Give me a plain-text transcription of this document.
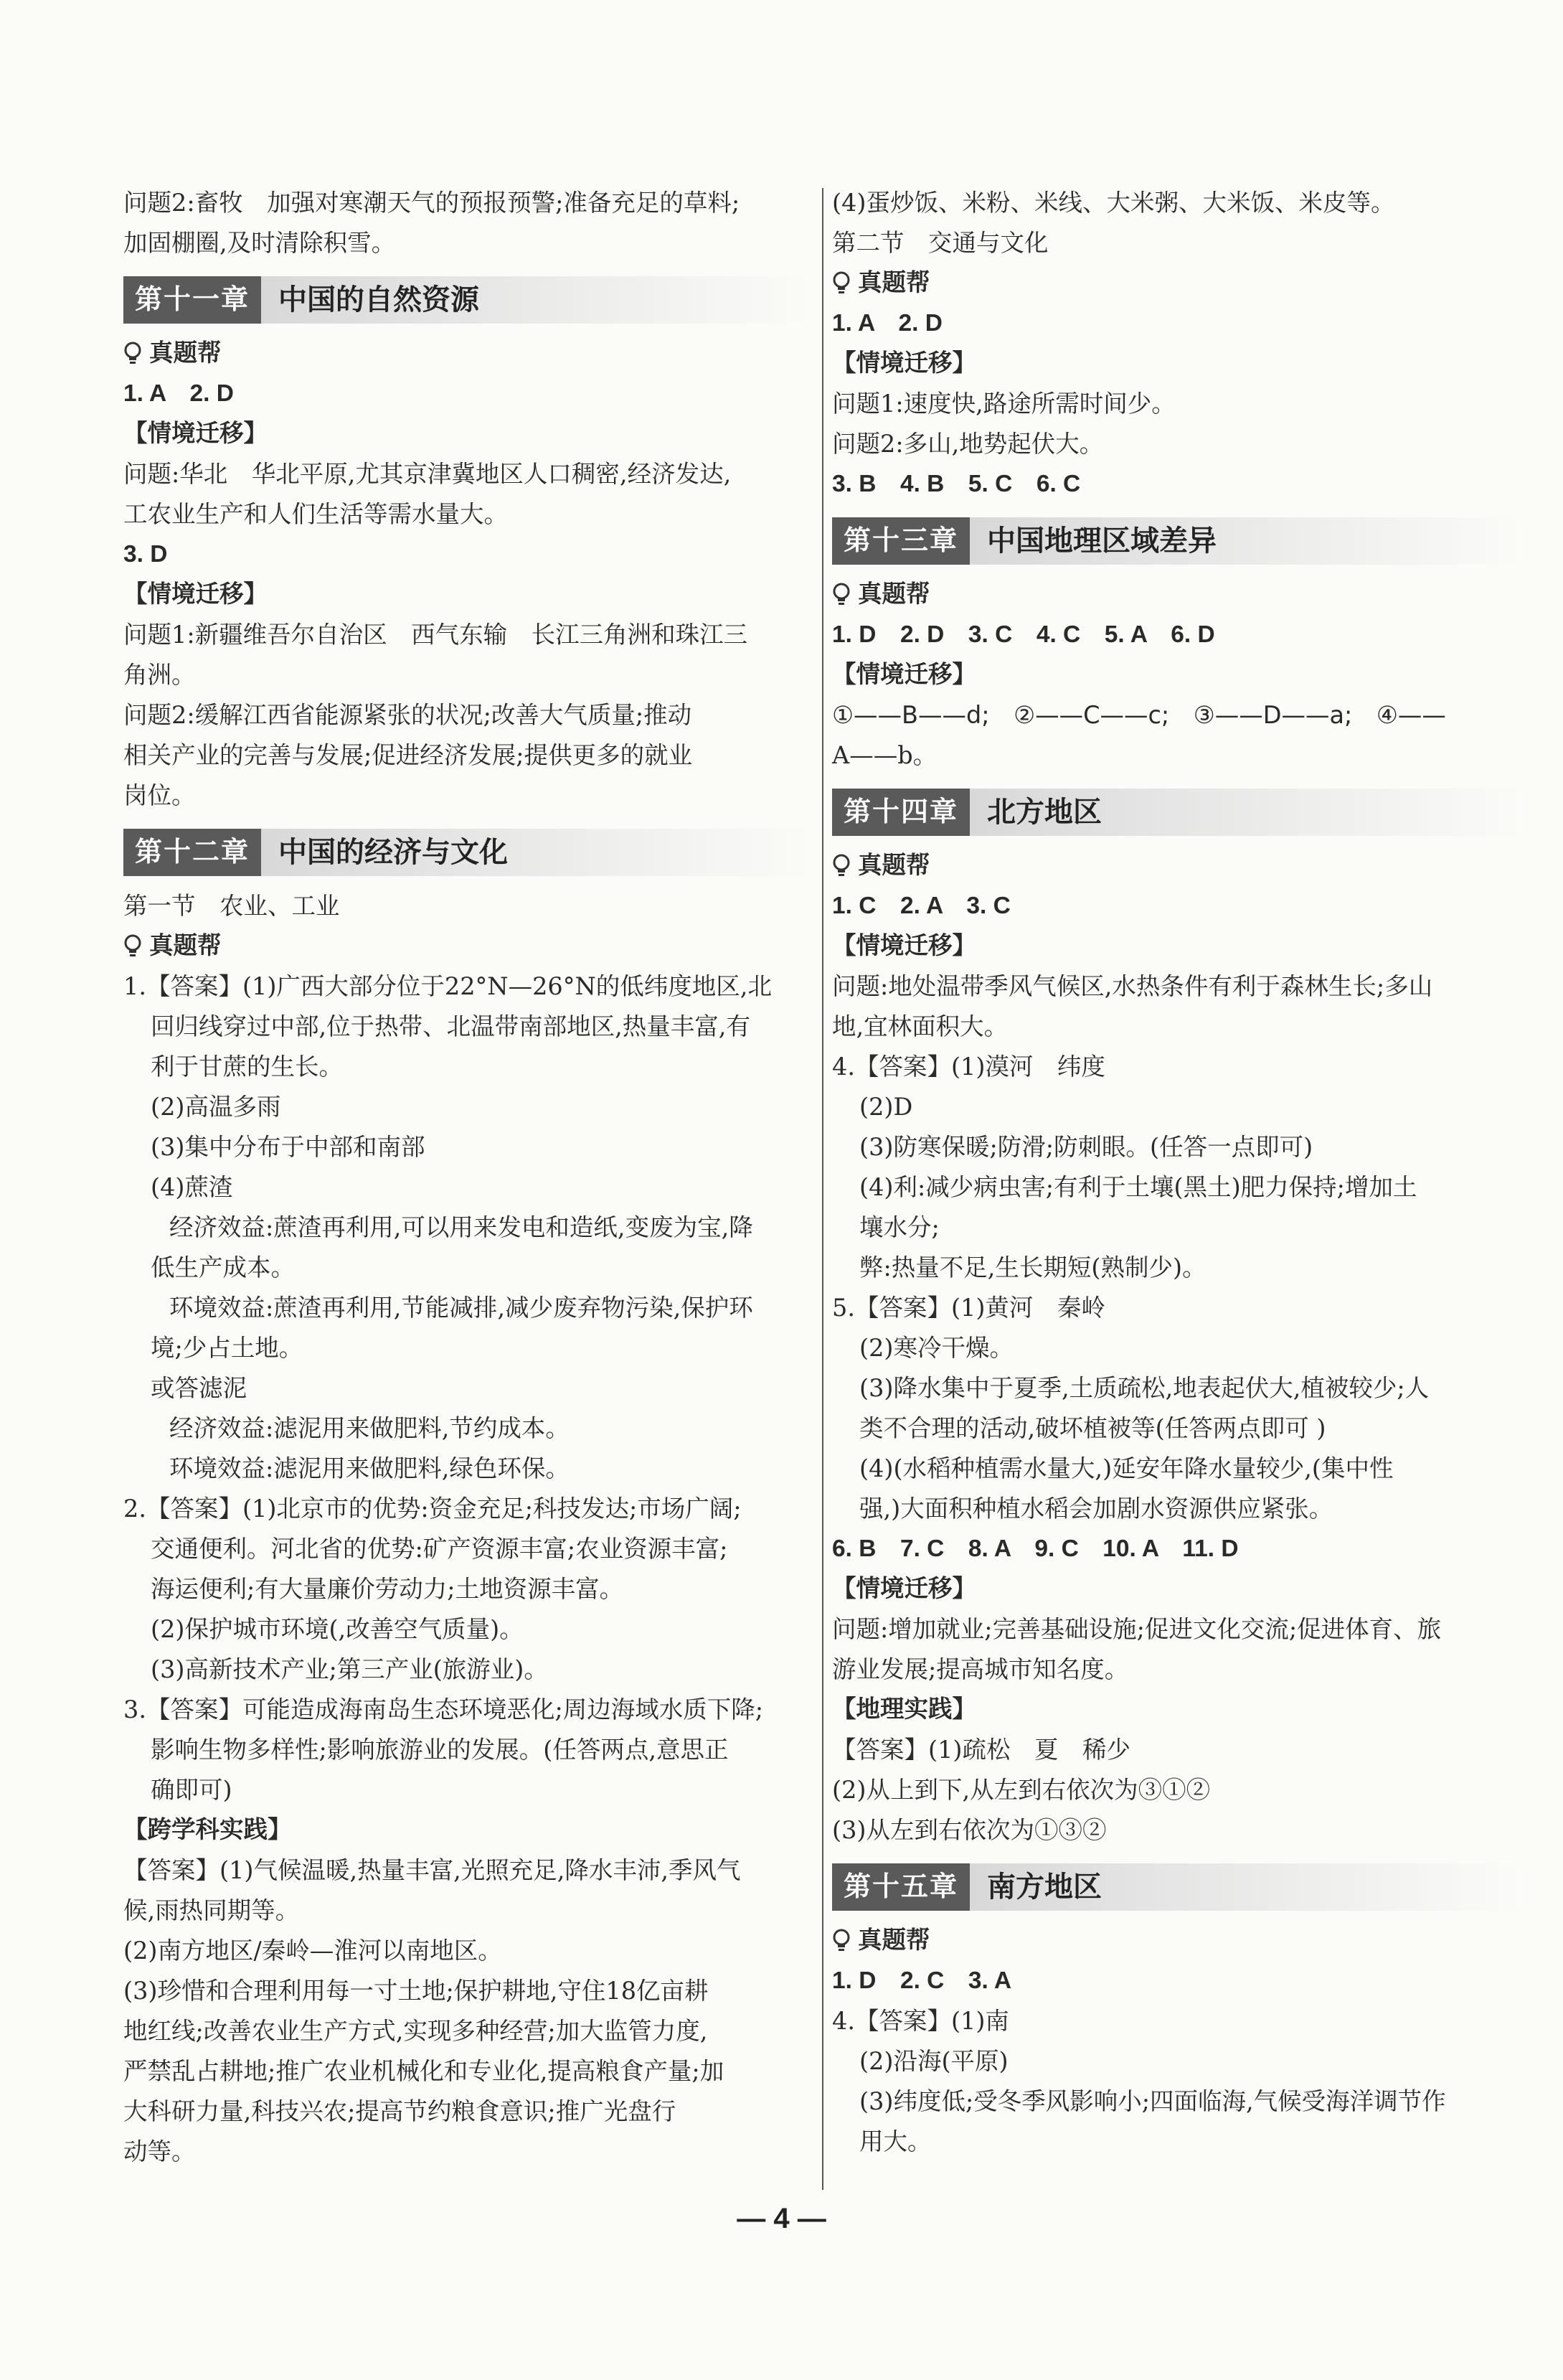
问题2:畜牧　加强对寒潮天气的预报预警;准备充足的草料;

加固棚圈,及时清除积雪。

第十一章	中国的自然资源
真题帮

1. A　2. D

【情境迁移】

问题:华北　华北平原,尤其京津冀地区人口稠密,经济发达,

工农业生产和人们生活等需水量大。

3. D

【情境迁移】

问题1:新疆维吾尔自治区　西气东输　长江三角洲和珠江三

角洲。

问题2:缓解江西省能源紧张的状况;改善大气质量;推动

相关产业的完善与发展;促进经济发展;提供更多的就业

岗位。

第十二章	中国的经济与文化

第一节　农业、工业

真题帮

1.【答案】(1)广西大部分位于22°N—26°N的低纬度地区,北

回归线穿过中部,位于热带、北温带南部地区,热量丰富,有

利于甘蔗的生长。

(2)高温多雨

(3)集中分布于中部和南部

(4)蔗渣

经济效益:蔗渣再利用,可以用来发电和造纸,变废为宝,降

低生产成本。

环境效益:蔗渣再利用,节能减排,减少废弃物污染,保护环

境;少占土地。

或答滤泥

经济效益:滤泥用来做肥料,节约成本。

环境效益:滤泥用来做肥料,绿色环保。

2.【答案】(1)北京市的优势:资金充足;科技发达;市场广阔;

交通便利。河北省的优势:矿产资源丰富;农业资源丰富;

海运便利;有大量廉价劳动力;土地资源丰富。

(2)保护城市环境(,改善空气质量)。

(3)高新技术产业;第三产业(旅游业)。

3.【答案】可能造成海南岛生态环境恶化;周边海域水质下降;

影响生物多样性;影响旅游业的发展。(任答两点,意思正

确即可)

【跨学科实践】

【答案】(1)气候温暖,热量丰富,光照充足,降水丰沛,季风气

候,雨热同期等。

(2)南方地区/秦岭—淮河以南地区。

(3)珍惜和合理利用每一寸土地;保护耕地,守住18亿亩耕

地红线;改善农业生产方式,实现多种经营;加大监管力度,

严禁乱占耕地;推广农业机械化和专业化,提高粮食产量;加

大科研力量,科技兴农;提高节约粮食意识;推广光盘行

动等。

(4)蛋炒饭、米粉、米线、大米粥、大米饭、米皮等。

第二节　交通与文化

真题帮

1. A　2. D

【情境迁移】

问题1:速度快,路途所需时间少。

问题2:多山,地势起伏大。

3. B　4. B　5. C　6. C

第十三章	中国地理区域差异
真题帮

1. D　2. D　3. C　4. C　5. A　6. D

【情境迁移】

①——B——d;　②——C——c;　③——D——a;　④——

A——b。

第十四章	北方地区
真题帮

1. C　2. A　3. C

【情境迁移】

问题:地处温带季风气候区,水热条件有利于森林生长;多山

地,宜林面积大。

4.【答案】(1)漠河　纬度

(2)D

(3)防寒保暖;防滑;防刺眼。(任答一点即可)

(4)利:减少病虫害;有利于土壤(黑土)肥力保持;增加土

壤水分;

弊:热量不足,生长期短(熟制少)。

5.【答案】(1)黄河　秦岭

(2)寒冷干燥。

(3)降水集中于夏季,土质疏松,地表起伏大,植被较少;人

类不合理的活动,破坏植被等(任答两点即可 )

(4)(水稻种植需水量大,)延安年降水量较少,(集中性

强,)大面积种植水稻会加剧水资源供应紧张。

6. B　7. C　8. A　9. C　10. A　11. D

【情境迁移】

问题:增加就业;完善基础设施;促进文化交流;促进体育、旅

游业发展;提高城市知名度。

【地理实践】

【答案】(1)疏松　夏　稀少

(2)从上到下,从左到右依次为③①②

(3)从左到右依次为①③②

第十五章	南方地区
真题帮

1. D　2. C　3. A

4.【答案】(1)南

(2)沿海(平原)

(3)纬度低;受冬季风影响小;四面临海,气候受海洋调节作

用大。

— 4 —
